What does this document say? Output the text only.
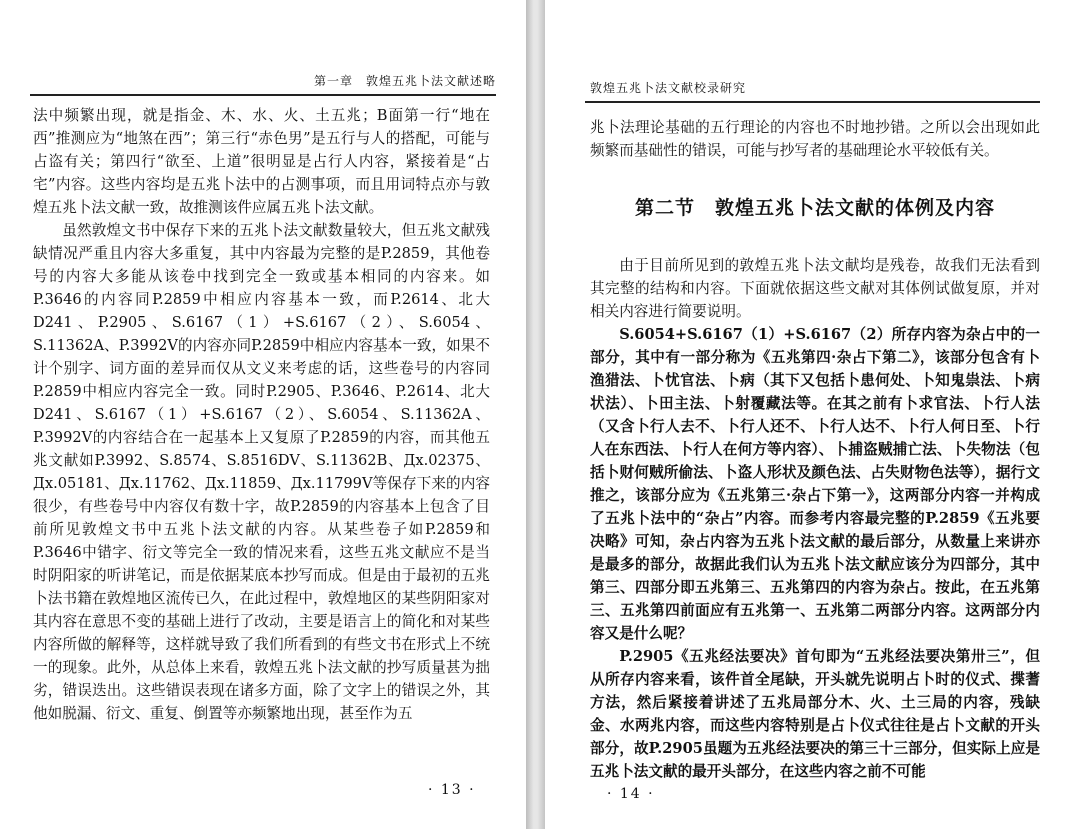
第一章　敦煌五兆卜法文献述略

法中频繁出现，就是指金、木、水、火、土五兆；B面第一行“地在西”推测应为“地煞在西”；第三行“赤色男”是五行与人的搭配，可能与占盗有关；第四行“欲至、上道”很明显是占行人内容，紧接着是“占宅”内容。这些内容均是五兆卜法中的占测事项，而且用词特点亦与敦煌五兆卜法文献一致，故推测该件应属五兆卜法文献。

虽然敦煌文书中保存下来的五兆卜法文献数量较大，但五兆文献残缺情况严重且内容大多重复，其中内容最为完整的是P.2859，其他卷号的内容大多能从该卷中找到完全一致或基本相同的内容来。如P.3646的内容同P.2859中相应内容基本一致，而P.2614、北大D241、P.2905、S.6167（1）+S.6167（2）、S.6054、S.11362A、P.3992V的内容亦同P.2859中相应内容基本一致，如果不计个别字、词方面的差异而仅从文义来考虑的话，这些卷号的内容同P.2859中相应内容完全一致。同时P.2905、P.3646、P.2614、北大D241、S.6167（1）+S.6167（2）、S.6054、S.11362A、P.3992V的内容结合在一起基本上又复原了P.2859的内容，而其他五兆文献如P.3992、S.8574、S.8516DV、S.11362B、Дx.02375、Дx.05181、Дx.11762、Дx.11859、Дx.11799V等保存下来的内容很少，有些卷号中内容仅有数十字，故P.2859的内容基本上包含了目前所见敦煌文书中五兆卜法文献的内容。从某些卷子如P.2859和P.3646中错字、衍文等完全一致的情况来看，这些五兆文献应不是当时阴阳家的听讲笔记，而是依据某底本抄写而成。但是由于最初的五兆卜法书籍在敦煌地区流传已久，在此过程中，敦煌地区的某些阴阳家对其内容在意思不变的基础上进行了改动，主要是语言上的简化和对某些内容所做的解释等，这样就导致了我们所看到的有些文书在形式上不统一的现象。此外，从总体上来看，敦煌五兆卜法文献的抄写质量甚为拙劣，错误迭出。这些错误表现在诸多方面，除了文字上的错误之外，其他如脱漏、衍文、重复、倒置等亦频繁地出现，甚至作为五

· 13 ·
敦煌五兆卜法文献校录研究

兆卜法理论基础的五行理论的内容也不时地抄错。之所以会出现如此频繁而基础性的错误，可能与抄写者的基础理论水平较低有关。

第二节　敦煌五兆卜法文献的体例及内容

由于目前所见到的敦煌五兆卜法文献均是残卷，故我们无法看到其完整的结构和内容。下面就依据这些文献对其体例试做复原，并对相关内容进行简要说明。

S.6054+S.6167（1）+S.6167（2）所存内容为杂占中的一部分，其中有一部分称为《五兆第四·杂占下第二》，该部分包含有卜渔猎法、卜忧官法、卜病（其下又包括卜患何处、卜知鬼祟法、卜病状法）、卜田主法、卜射覆藏法等。在其之前有卜求官法、卜行人法（又含卜行人去不、卜行人还不、卜行人达不、卜行人何日至、卜行人在东西法、卜行人在何方等内容）、卜捕盗贼捕亡法、卜失物法（包括卜财何贼所偷法、卜盗人形状及颜色法、占失财物色法等），据行文推之，该部分应为《五兆第三·杂占下第一》，这两部分内容一并构成了五兆卜法中的“杂占”内容。而参考内容最完整的P.2859《五兆要决略》可知，杂占内容为五兆卜法文献的最后部分，从数量上来讲亦是最多的部分，故据此我们认为五兆卜法文献应该分为四部分，其中第三、四部分即五兆第三、五兆第四的内容为杂占。按此，在五兆第三、五兆第四前面应有五兆第一、五兆第二两部分内容。这两部分内容又是什么呢？

P.2905《五兆经法要决》首句即为“五兆经法要决第卅三”，但从所存内容来看，该件首全尾缺，开头就先说明占卜时的仪式、揲蓍方法，然后紧接着讲述了五兆局部分木、火、土三局的内容，残缺金、水两兆内容，而这些内容特别是占卜仪式往往是占卜文献的开头部分，故P.2905虽题为五兆经法要决的第三十三部分，但实际上应是五兆卜法文献的最开头部分，在这些内容之前不可能

· 14 ·
